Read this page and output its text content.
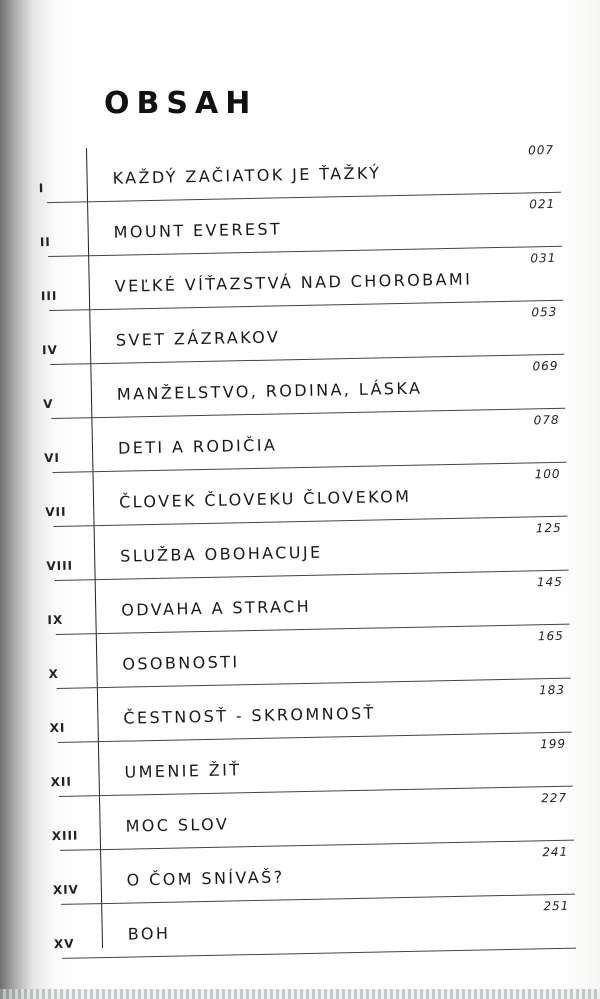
OBSAH
I
KAŽDÝ ZAČIATOK JE ŤAŽKÝ
007
II
MOUNT EVEREST
021
III
VEĽKÉ VÍŤAZSTVÁ NAD CHOROBAMI
031
IV
SVET ZÁZRAKOV
053
V
MANŽELSTVO, RODINA, LÁSKA
069
VI
DETI A RODIČIA
078
VII
ČLOVEK ČLOVEKU ČLOVEKOM
100
VIII
SLUŽBA OBOHACUJE
125
IX
ODVAHA A STRACH
145
X
OSOBNOSTI
165
XI
ČESTNOSŤ - SKROMNOSŤ
183
XII
UMENIE ŽIŤ
199
XIII
MOC SLOV
227
XIV
O ČOM SNÍVAŠ?
241
XV
BOH
251
